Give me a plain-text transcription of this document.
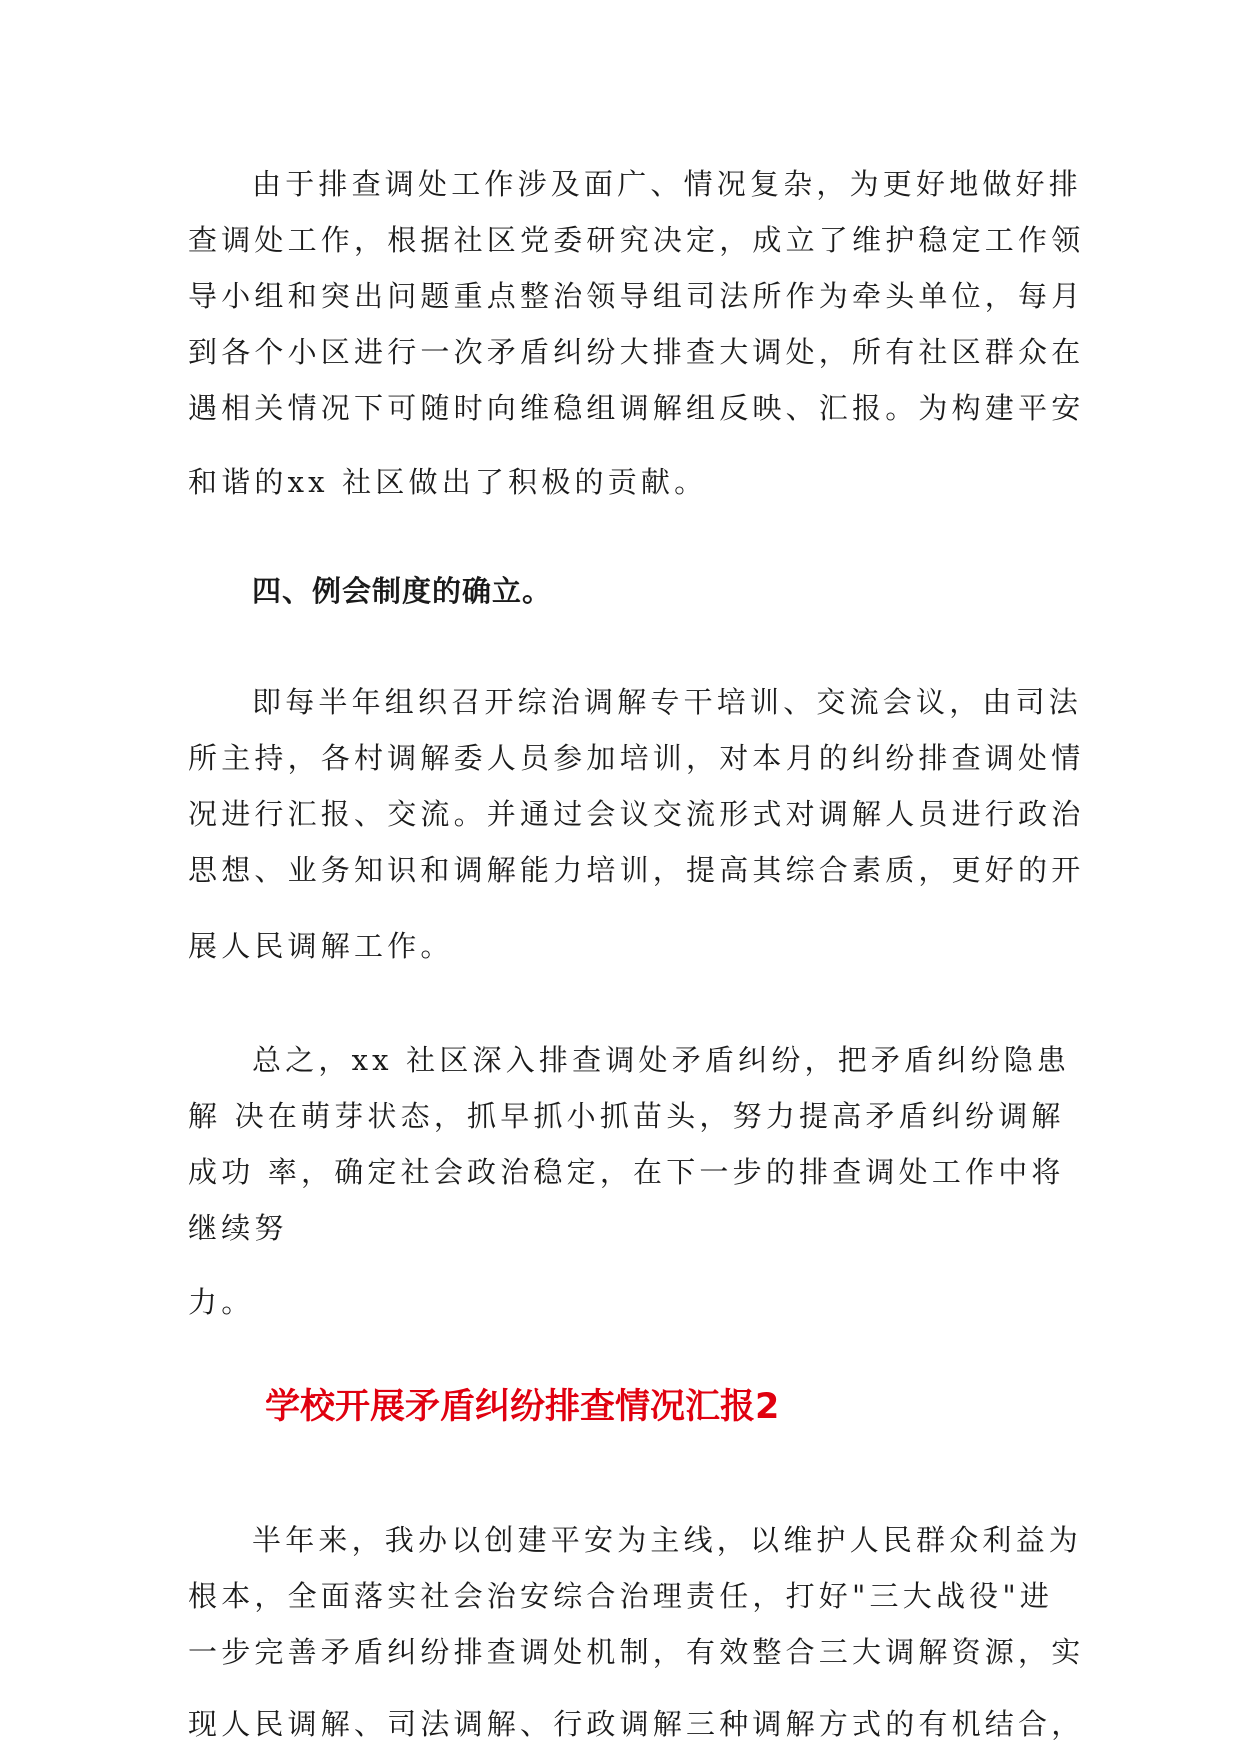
由于排查调处工作涉及面广、情况复杂，为更好地做好排
查调处工作，根据社区党委研究决定，成立了维护稳定工作领
导小组和突出问题重点整治领导组司法所作为牵头单位，每月
到各个小区进行一次矛盾纠纷大排查大调处，所有社区群众在
遇相关情况下可随时向维稳组调解组反映、汇报。为构建平安
和谐的xx 社区做出了积极的贡献。
四、例会制度的确立。
即每半年组织召开综治调解专干培训、交流会议，由司法
所主持，各村调解委人员参加培训，对本月的纠纷排查调处情
况进行汇报、交流。并通过会议交流形式对调解人员进行政治
思想、业务知识和调解能力培训，提高其综合素质，更好的开
展人民调解工作。
总之，xx 社区深入排查调处矛盾纠纷，把矛盾纠纷隐患
解 决在萌芽状态，抓早抓小抓苗头，努力提高矛盾纠纷调解
成功 率，确定社会政治稳定，在下一步的排查调处工作中将
继续努
力。
学校开展矛盾纠纷排查情况汇报2
半年来，我办以创建平安为主线，以维护人民群众利益为
根本，全面落实社会治安综合治理责任，打好"三大战役"进
一步完善矛盾纠纷排查调处机制，有效整合三大调解资源，实
现人民调解、司法调解、行政调解三种调解方式的有机结合，
